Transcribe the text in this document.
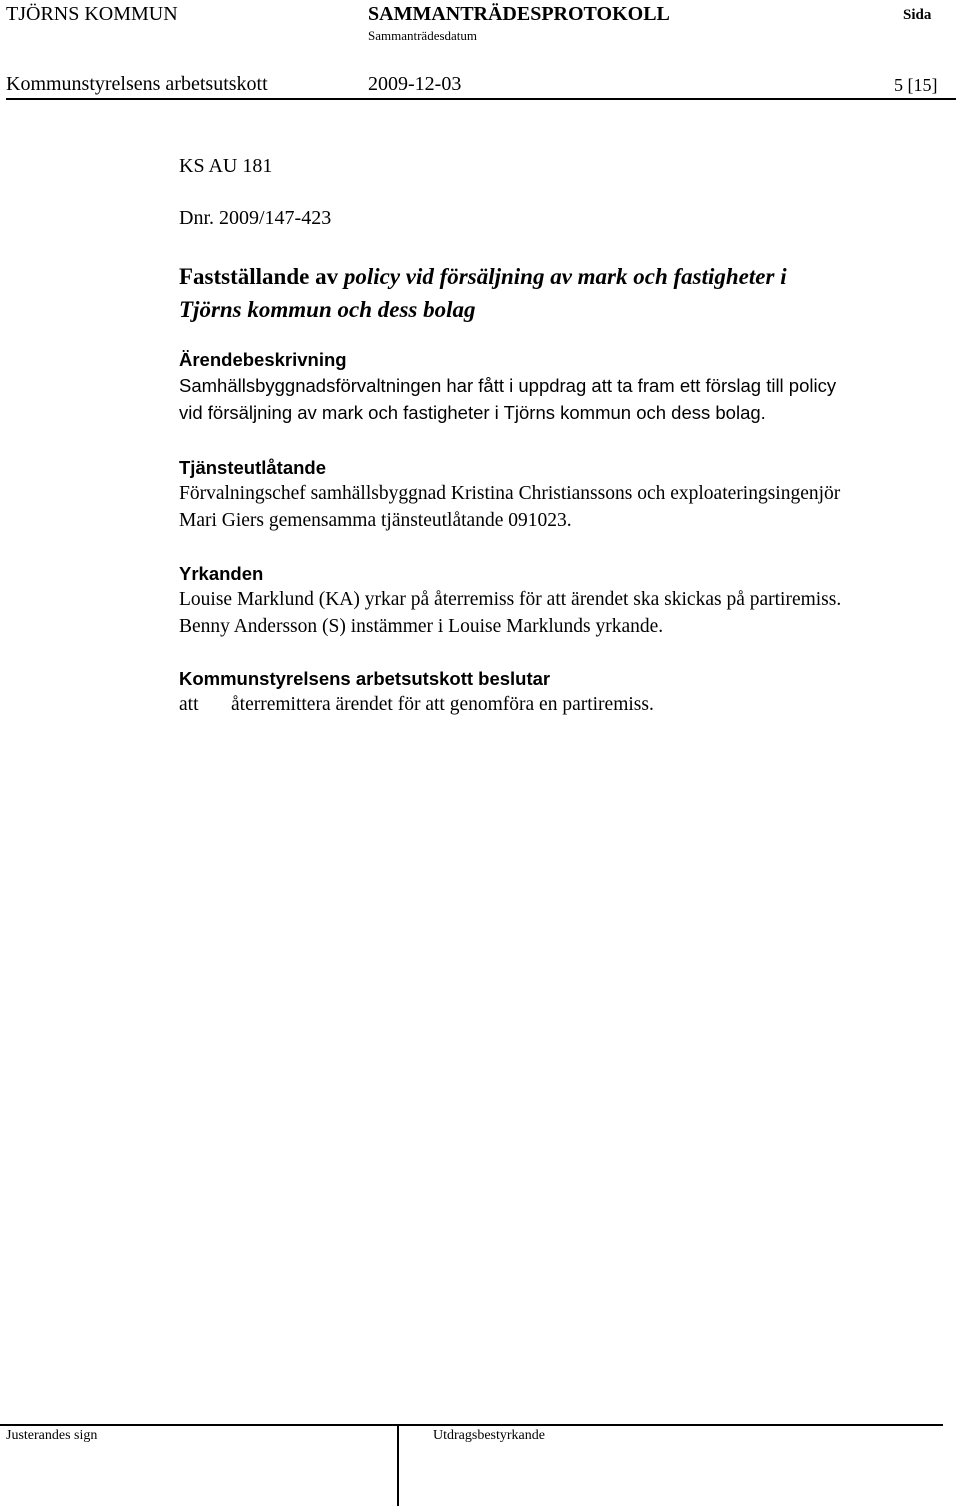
TJÖRNS KOMMUN	SAMMANTRÄDESPROTOKOLL
Sammanträdesdatum
Sida
Kommunstyrelsens arbetsutskott	2009-12-03	5 [15]
KS AU 181
Dnr. 2009/147-423
Fastställande av policy vid försäljning av mark och fastigheter i
Tjörns kommun och dess bolag
Ärendebeskrivning
Samhällsbyggnadsförvaltningen har fått i uppdrag att ta fram ett förslag till policy
vid försäljning av mark och fastigheter i Tjörns kommun och dess bolag.
Tjänsteutlåtande
Förvalningschef samhällsbyggnad Kristina Christianssons och exploateringsingenjör
Mari Giers gemensamma tjänsteutlåtande 091023.
Yrkanden
Louise Marklund (KA) yrkar på återremiss för att ärendet ska skickas på partiremiss.
Benny Andersson (S) instämmer i Louise Marklunds yrkande.
Kommunstyrelsens arbetsutskott beslutar
att	återremittera ärendet för att genomföra en partiremiss.
Justerandes sign	Utdragsbestyrkande
